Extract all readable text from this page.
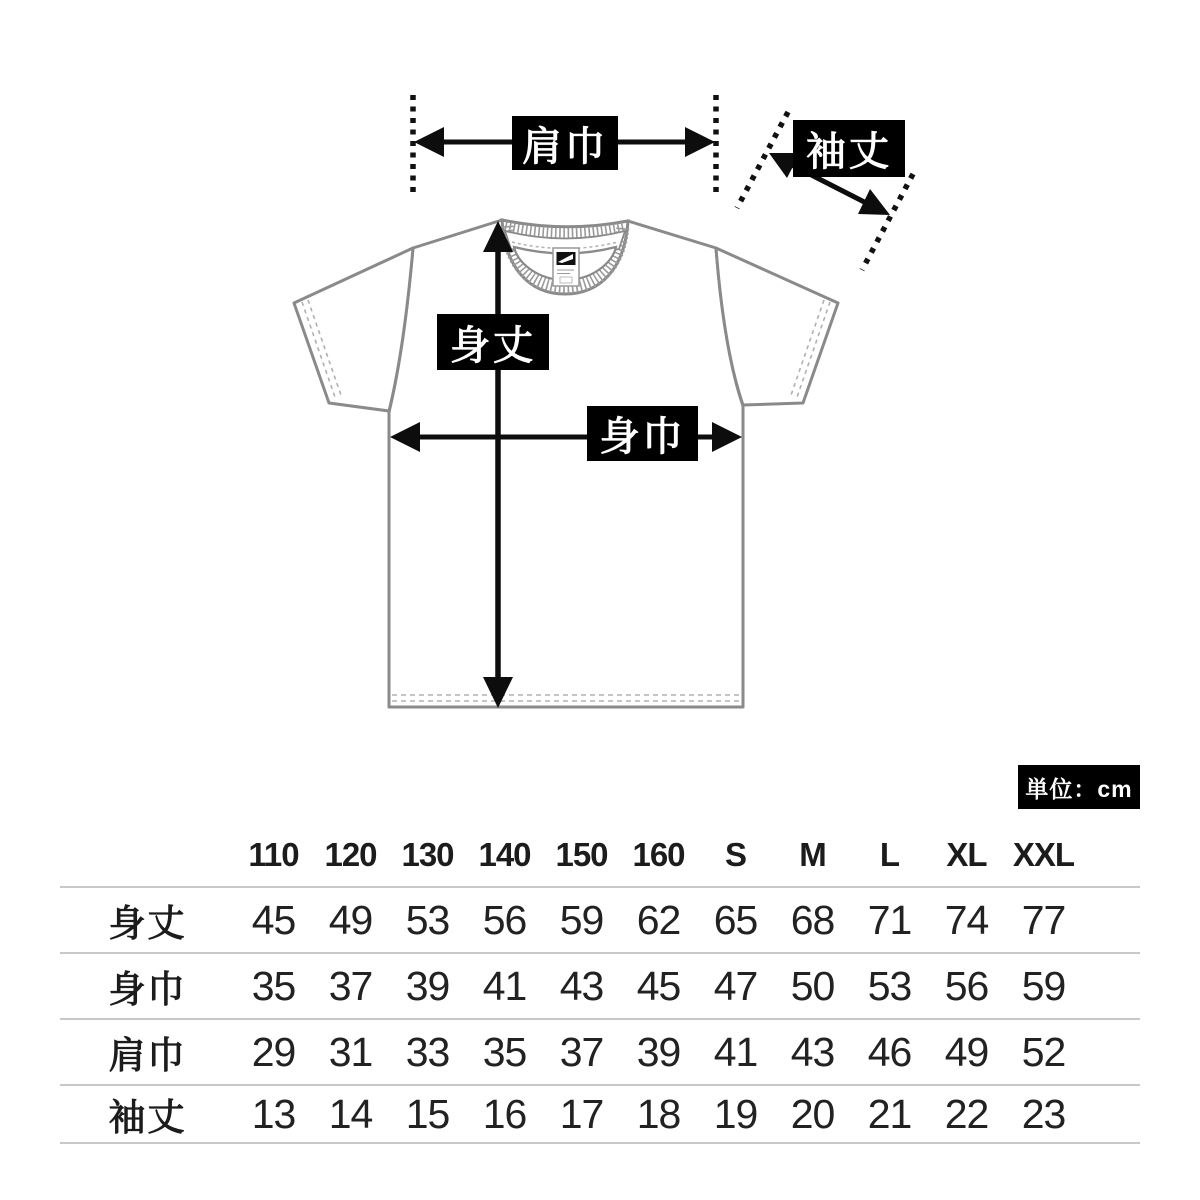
肩巾	袖丈
身丈
身巾
単位：cm
110 120 130 140 150 160	S	M	L	XL XXL
身丈	45 49 53 56 59 62 65 68 71 74 77
身巾	35 37 39 41 43 45 47 50 53 56 59
肩巾	29 31 33 35 37 39 41 43 46 49 52
袖丈	13 14 15 16 17 18 19 20 21 22 23
